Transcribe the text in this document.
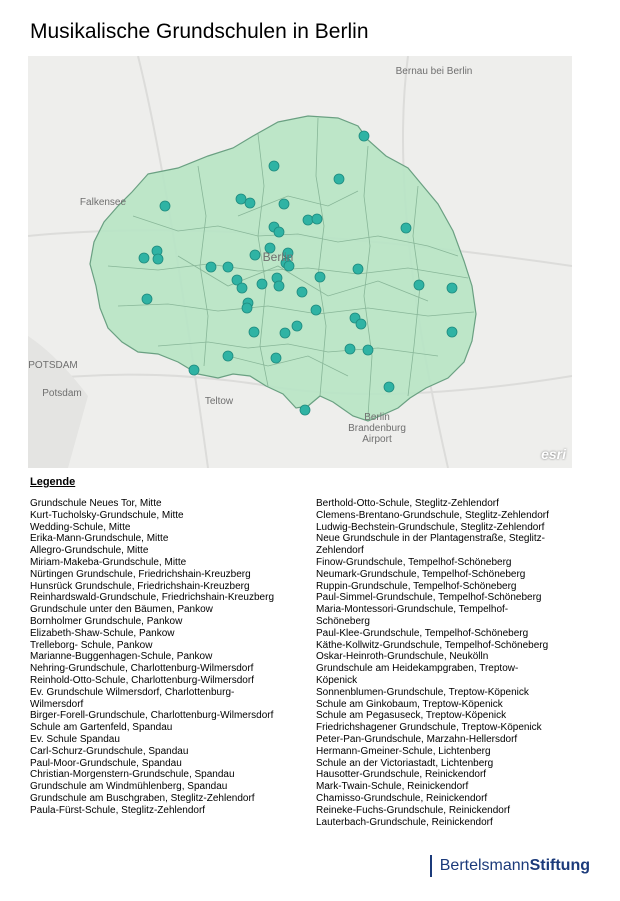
Musikalische Grundschulen in Berlin
Bernau bei Berlin
Falkensee
Berlin
POTSDAM
Potsdam
Teltow
Berlin Brandenburg Airport
esri
Legende
Grundschule Neues Tor, Mitte
Kurt-Tucholsky-Grundschule, Mitte
Wedding-Schule, Mitte
Erika-Mann-Grundschule, Mitte
Allegro-Grundschule, Mitte
Miriam-Makeba-Grundschule, Mitte
Nürtingen Grundschule, Friedrichshain-Kreuzberg
Hunsrück Grundschule, Friedrichshain-Kreuzberg
Reinhardswald-Grundschule, Friedrichshain-Kreuzberg
Grundschule unter den Bäumen, Pankow
Bornholmer Grundschule, Pankow
Elizabeth-Shaw-Schule, Pankow
Trelleborg- Schule, Pankow
Marianne-Buggenhagen-Schule, Pankow
Nehring-Grundschule, Charlottenburg-Wilmersdorf
Reinhold-Otto-Schule, Charlottenburg-Wilmersdorf
Ev. Grundschule Wilmersdorf, Charlottenburg-
Wilmersdorf
Birger-Forell-Grundschule, Charlottenburg-Wilmersdorf
Schule am Gartenfeld, Spandau
Ev. Schule Spandau
Carl-Schurz-Grundschule, Spandau
Paul-Moor-Grundschule, Spandau
Christian-Morgenstern-Grundschule, Spandau
Grundschule am Windmühlenberg, Spandau
Grundschule am Buschgraben, Steglitz-Zehlendorf
Paula-Fürst-Schule, Steglitz-Zehlendorf
Berthold-Otto-Schule, Steglitz-Zehlendorf
Clemens-Brentano-Grundschule, Steglitz-Zehlendorf
Ludwig-Bechstein-Grundschule, Steglitz-Zehlendorf
Neue Grundschule in der Plantagenstraße, Steglitz-
Zehlendorf
Finow-Grundschule, Tempelhof-Schöneberg
Neumark-Grundschule, Tempelhof-Schöneberg
Ruppin-Grundschule, Tempelhof-Schöneberg
Paul-Simmel-Grundschule, Tempelhof-Schöneberg
Maria-Montessori-Grundschule, Tempelhof-
Schöneberg
Paul-Klee-Grundschule, Tempelhof-Schöneberg
Käthe-Kollwitz-Grundschule, Tempelhof-Schöneberg
Oskar-Heinroth-Grundschule, Neukölln
Grundschule am Heidekampgraben, Treptow-
Köpenick
Sonnenblumen-Grundschule, Treptow-Köpenick
Schule am Ginkobaum, Treptow-Köpenick
Schule am Pegasuseck, Treptow-Köpenick
Friedrichshagener Grundschule, Treptow-Köpenick
Peter-Pan-Grundschule, Marzahn-Hellersdorf
Hermann-Gmeiner-Schule, Lichtenberg
Schule an der Victoriastadt, Lichtenberg
Hausotter-Grundschule, Reinickendorf
Mark-Twain-Schule, Reinickendorf
Chamisso-Grundschule, Reinickendorf
Reineke-Fuchs-Grundschule, Reinickendorf
Lauterbach-Grundschule, Reinickendorf
BertelsmannStiftung
